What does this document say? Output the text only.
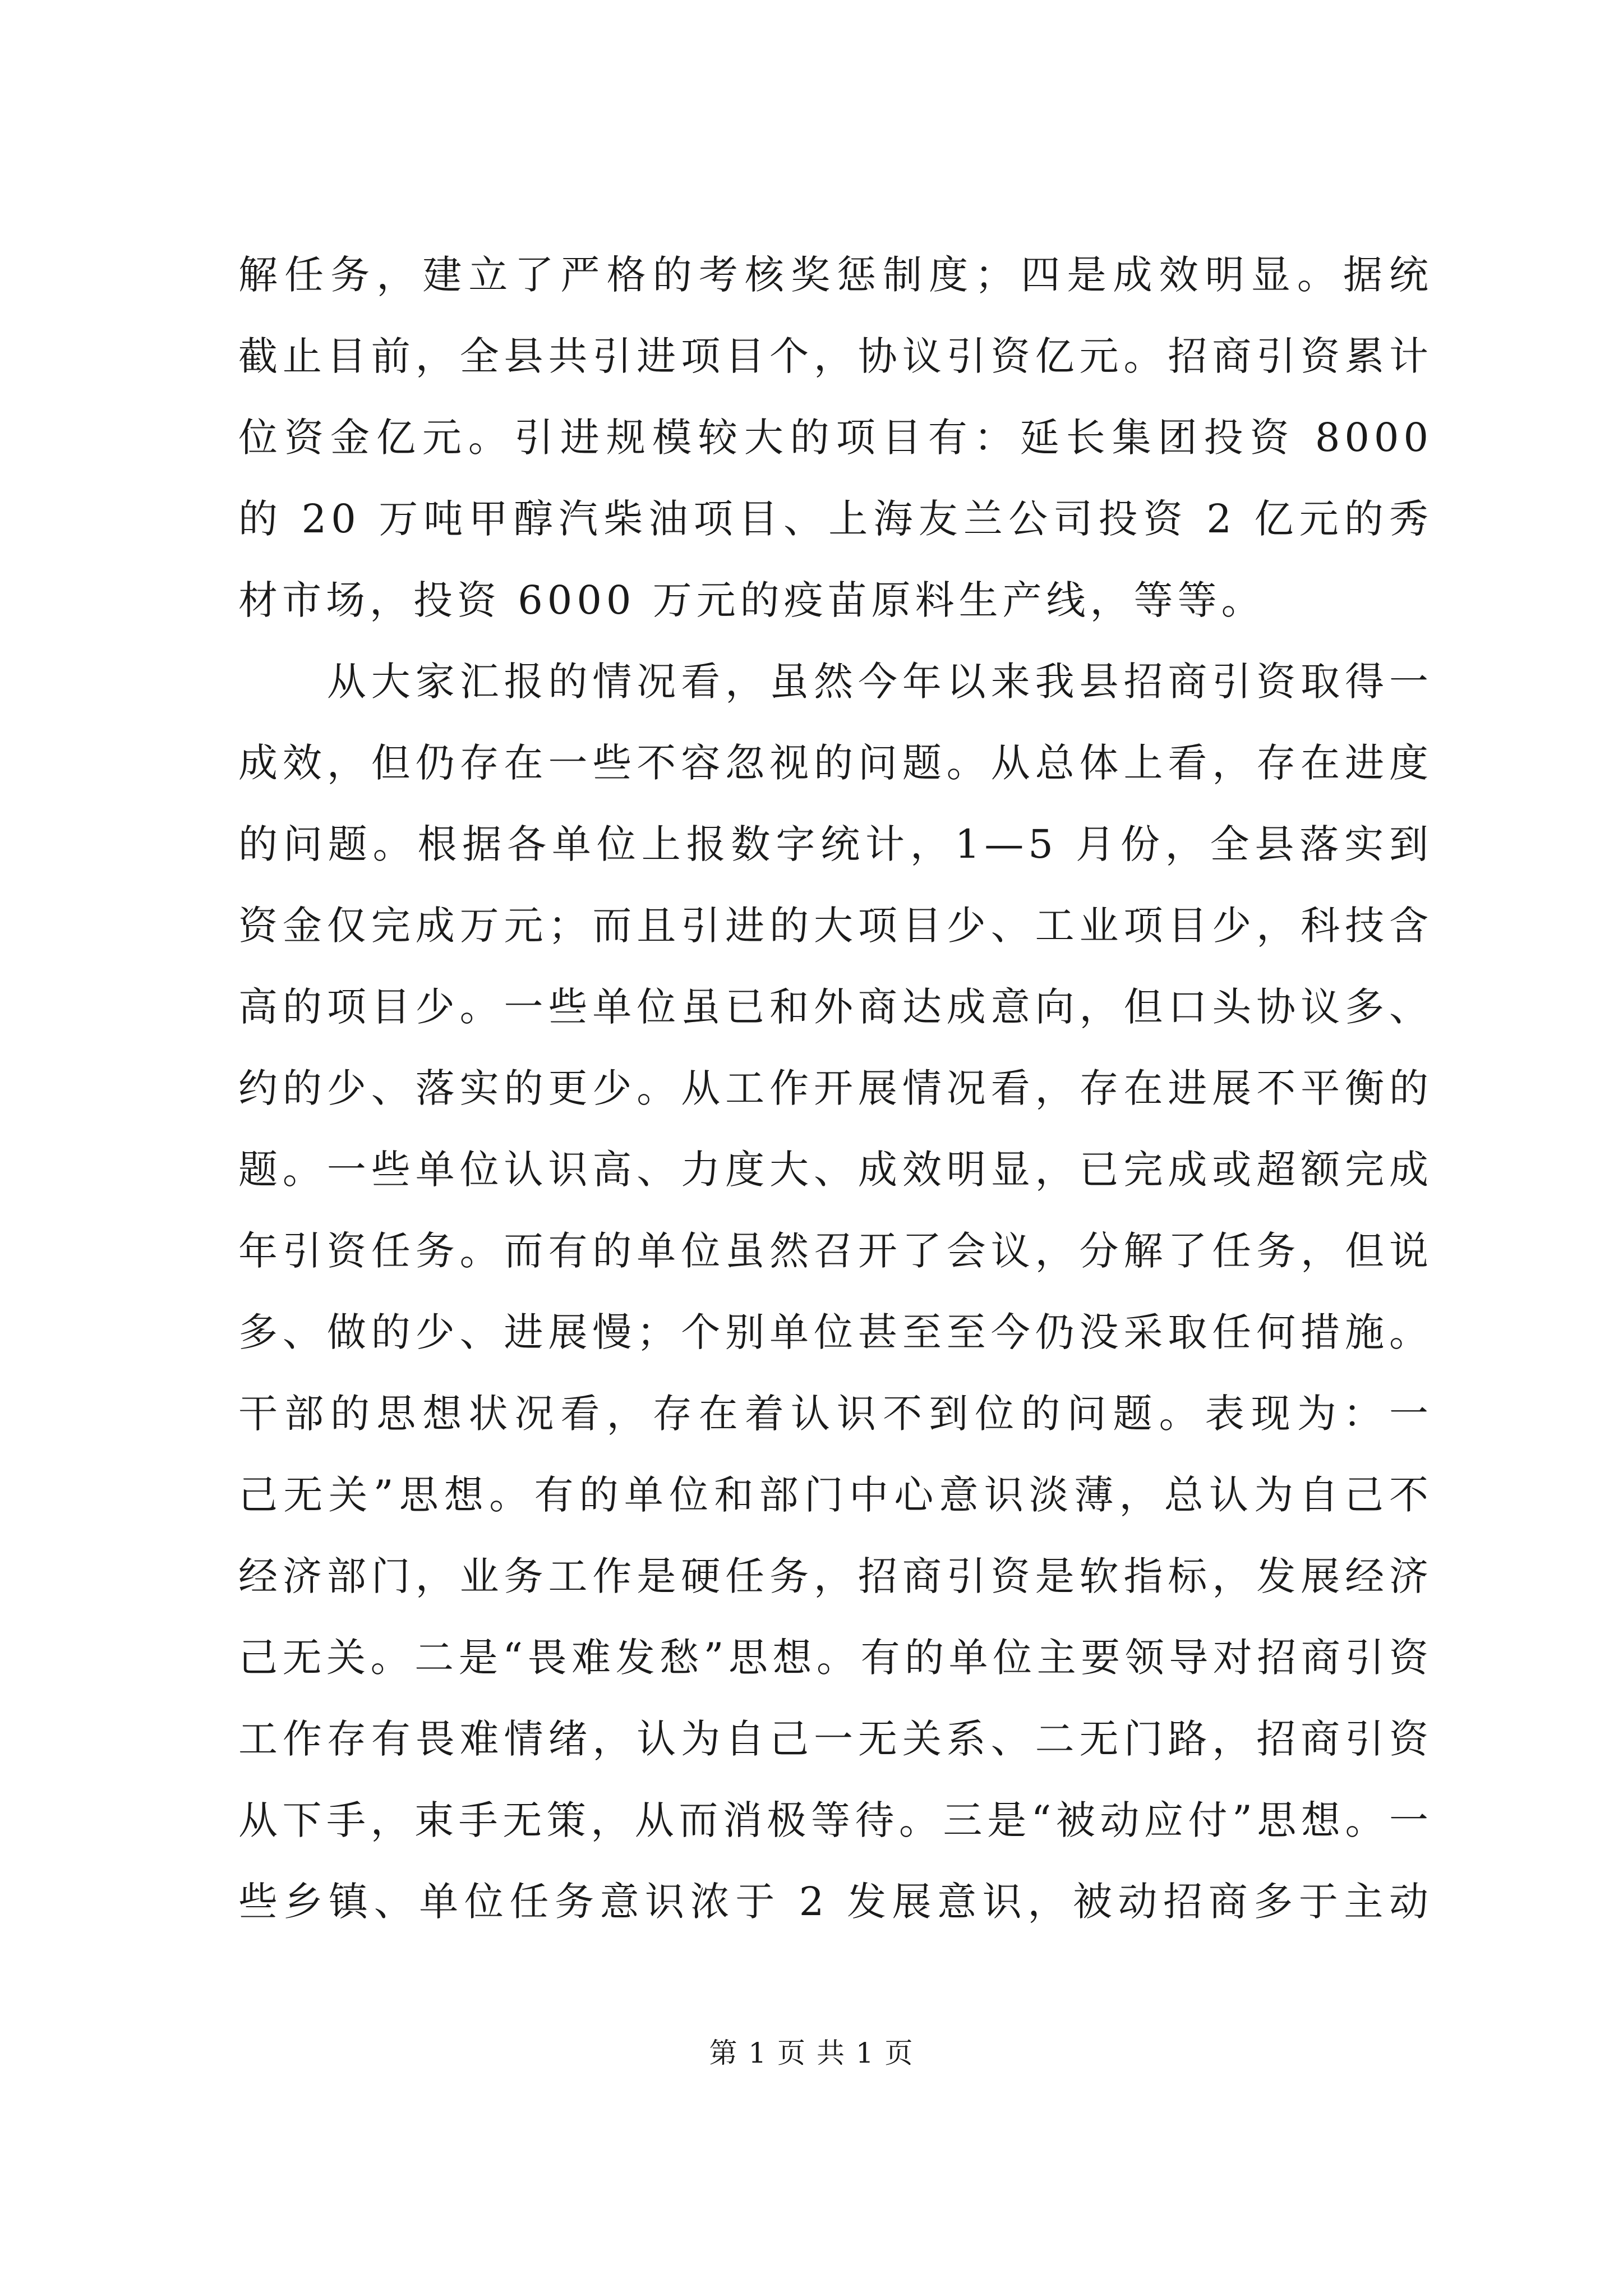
解任务，建立了严格的考核奖惩制度；四是成效明显。据统
截止目前，全县共引进项目个，协议引资亿元。招商引资累计
位资金亿元。引进规模较大的项目有：延长集团投资 8000
的 20 万吨甲醇汽柴油项目、上海友兰公司投资 2 亿元的秀
材市场，投资 6000 万元的疫苗原料生产线，等等。
　　从大家汇报的情况看，虽然今年以来我县招商引资取得一
成效，但仍存在一些不容忽视的问题。从总体上看，存在进度
的问题。根据各单位上报数字统计，1—5 月份，全县落实到
资金仅完成万元；而且引进的大项目少、工业项目少，科技含
高的项目少。一些单位虽已和外商达成意向，但口头协议多、
约的少、落实的更少。从工作开展情况看，存在进展不平衡的
题。一些单位认识高、力度大、成效明显，已完成或超额完成
年引资任务。而有的单位虽然召开了会议，分解了任务，但说
多、做的少、进展慢；个别单位甚至至今仍没采取任何措施。
干部的思想状况看，存在着认识不到位的问题。表现为：一
己无关”思想。有的单位和部门中心意识淡薄，总认为自己不
经济部门，业务工作是硬任务，招商引资是软指标，发展经济
己无关。二是“畏难发愁”思想。有的单位主要领导对招商引资
工作存有畏难情绪，认为自己一无关系、二无门路，招商引资
从下手，束手无策，从而消极等待。三是“被动应付”思想。一
些乡镇、单位任务意识浓于 2 发展意识，被动招商多于主动
第 1 页 共 1 页
